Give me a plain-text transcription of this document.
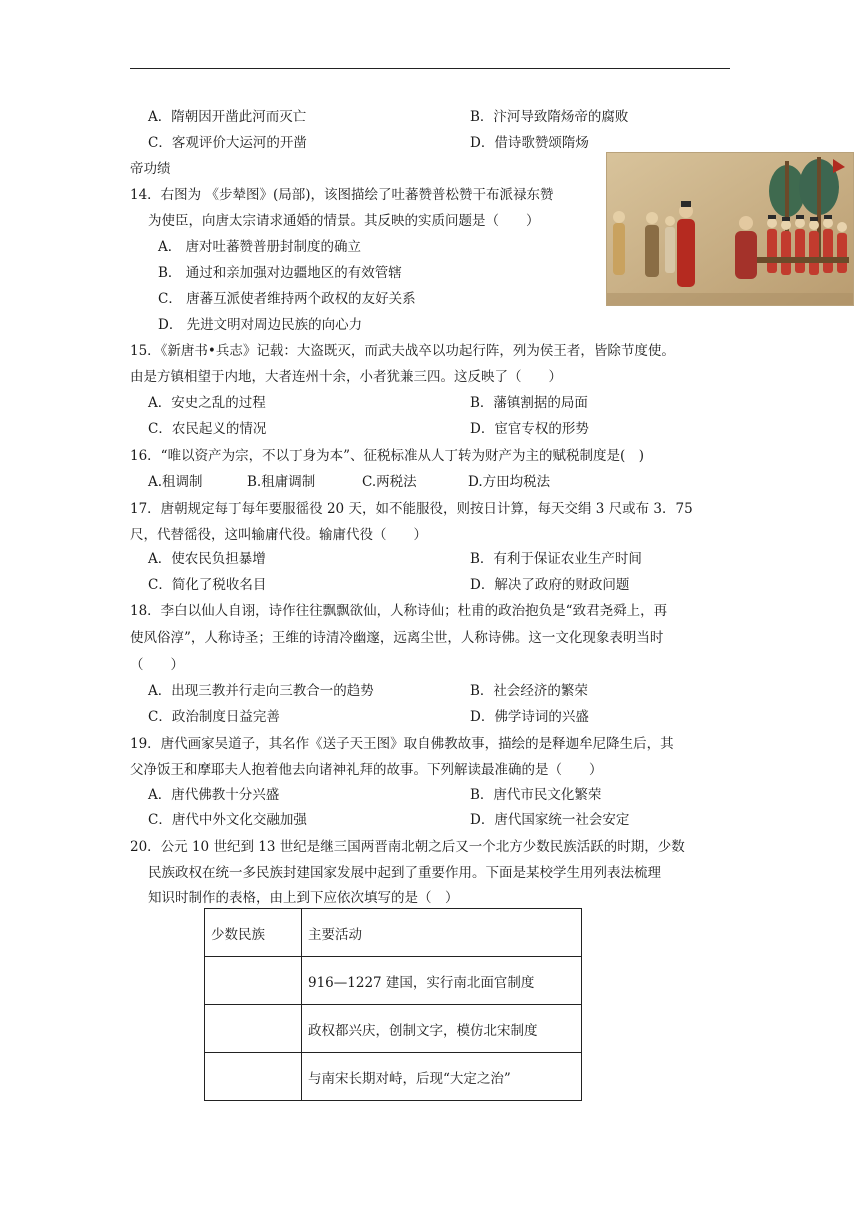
A．隋朝因开凿此河而灭亡	B．汴河导致隋炀帝的腐败
C．客观评价大运河的开凿	D．借诗歌赞颂隋炀
帝功绩
14．右图为 《步辇图》(局部)，该图描绘了吐蕃赞普松赞干布派禄东赞
为使臣，向唐太宗请求通婚的情景。其反映的实质问题是（　　）
A． 唐对吐蕃赞普册封制度的确立
B． 通过和亲加强对边疆地区的有效管辖
C． 唐蕃互派使者维持两个政权的友好关系
D． 先进文明对周边民族的向心力
15．《新唐书•兵志》记载：大盗既灭，而武夫战卒以功起行阵，列为侯王者，皆除节度使。
由是方镇相望于内地，大者连州十余，小者犹兼三四。这反映了（　　）
A．安史之乱的过程	B．藩镇割据的局面
C．农民起义的情况	D．宦官专权的形势
16．“唯以资产为宗，不以丁身为本”、征税标准从人丁转为财产为主的赋税制度是(　)
A.租调制	B.租庸调制	C.两税法	D.方田均税法
17．唐朝规定每丁每年要服徭役 20 天，如不能服役，则按日计算，每天交绢 3 尺或布 3．75
尺，代替徭役，这叫输庸代役。输庸代役（　　）
A．使农民负担暴增	B．有利于保证农业生产时间
C．简化了税收名目	D．解决了政府的财政问题
18．李白以仙人自诩，诗作往往飘飘欲仙，人称诗仙；杜甫的政治抱负是“致君尧舜上，再
使风俗淳”，人称诗圣；王维的诗清冷幽邃，远离尘世，人称诗佛。这一文化现象表明当时
（　　）
A．出现三教并行走向三教合一的趋势	B．社会经济的繁荣
C．政治制度日益完善	D．佛学诗词的兴盛
19．唐代画家吴道子，其名作《送子天王图》取自佛教故事，描绘的是释迦牟尼降生后，其
父净饭王和摩耶夫人抱着他去向诸神礼拜的故事。下列解读最准确的是（　　）
A．唐代佛教十分兴盛	B．唐代市民文化繁荣
C．唐代中外文化交融加强	D．唐代国家统一社会安定
20．公元 10 世纪到 13 世纪是继三国两晋南北朝之后又一个北方少数民族活跃的时期，少数
民族政权在统一多民族封建国家发展中起到了重要作用。下面是某校学生用列表法梳理
知识时制作的表格，由上到下应依次填写的是（　）
少数民族	主要活动
	916—1227 建国，实行南北面官制度
	政权都兴庆，创制文字，模仿北宋制度
	与南宋长期对峙，后现“大定之治”
